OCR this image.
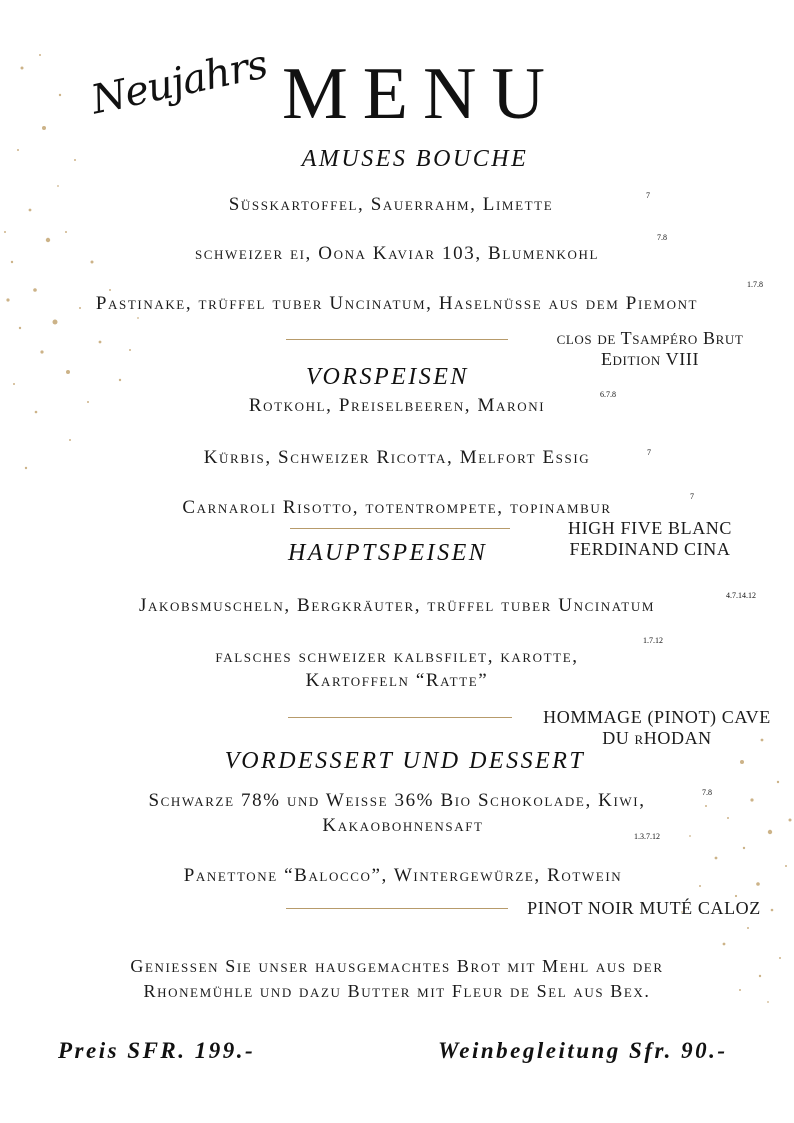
Neujahrs MENU
AMUSES BOUCHE
Süsskartoffel, Sauerrahm, Limette	7
schweizer ei, Oona Kaviar 103, Blumenkohl
7.8
Pastinake, trüffel tuber Uncinatum, Haselnüsse aus dem Piemont
1.7.8
clos de Tsampéro Brut
Edition VIII
VORSPEISEN
Rotkohl, Preiselbeeren, Maroni
6.7.8
Kürbis, Schweizer Ricotta, Melfort Essig	7
Carnaroli Risotto, totentrompete, topinambur
7
HIGH FIVE BLANC
FERDINAND CINA
HAUPTSPEISEN
Jakobsmuscheln, Bergkräuter, trüffel tuber Uncinatum	4.7.14.12
falsches schweizer kalbsfilet, karotte,
1.7.12
Kartoffeln “Ratte”
HOMMAGE (PINOT) CAVE
DU rHODAN
VORDESSERT UND DESSERT
Schwarze 78% und Weisse 36% Bio Schokolade, Kiwi,	7.8
Kakaobohnensaft
1.3.7.12
Panettone “Balocco”, Wintergewürze, Rotwein
PINOT NOIR MUTÉ CALOZ
Geniessen Sie unser hausgemachtes Brot mit Mehl aus der
Rhonemühle und dazu Butter mit Fleur de Sel aus Bex.
Preis SFR. 199.-	Weinbegleitung Sfr. 90.-
